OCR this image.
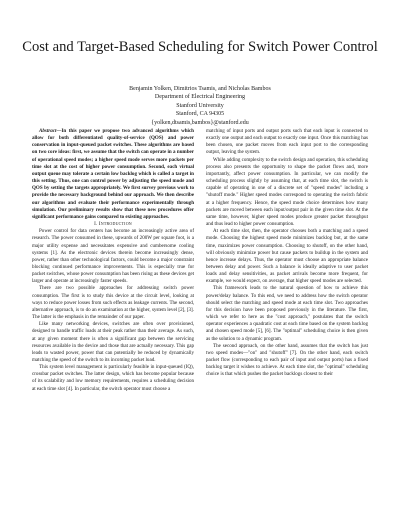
Cost and Target-Based Scheduling for Switch Power Control
Benjamin Yolken, Dimitrios Tsamis, and Nicholas Bambos
Department of Electrical Engineering
Stanford University
Stanford, CA 94305
{yolken,dtsamis,bambos}@stanford.edu

Abstract—In this paper we propose two advanced algorithms which allow for both differentiated quality-of-service (QOS) and power conservation in input-queued packet switches. These algorithms are based on two core ideas: first, we assume that the switch can operate in a number of operational speed modes; a higher speed mode serves more packets per time slot at the cost of higher power consumption. Second, each virtual output queue may tolerate a certain low backlog which is called a target in this setting. Thus, one can control power by adjusting the speed mode and QOS by setting the targets appropriately. We first survey previous work to provide the necessary background behind our approach. We then describe our algorithms and evaluate their performance experimentally through simulation. Our preliminary results show that these new procedures offer significant performance gains compared to existing approaches.

I. Introduction

Power control for data centers has become an increasingly active area of research. The power consumed in these, upwards of 200W per square foot, is a major utility expense and necessitates expensive and cumbersome cooling systems [1]. As the electronic devices therein become increasingly dense, power, rather than other technological factors, could become a major constraint blocking continued performance improvements. This is especially true for packet switches, whose power consumption has been rising as these devices get larger and operate at increasingly faster speeds.

There are two possible approaches for addressing switch power consumption. The first is to study this device at the circuit level, looking at ways to reduce power losses from such effects as leakage currents. The second, alternative approach, is to do an examination at the higher, system level [2], [3]. The latter is the emphasis in the remainder of our paper.

Like many networking devices, switches are often over provisioned, designed to handle traffic loads at their peak rather than their average. As such, at any given moment there is often a significant gap between the servicing resources available in the device and those that are actually necessary. This gap leads to wasted power, power that can potentially be reduced by dynamically matching the speed of the switch to its incoming packet load.

This system level management is particularly feasible in input-queued (IQ), crossbar packet switches. The latter design, which has become popular because of its scalability and low memory requirements, requires a scheduling decision at each time slot [4]. In particular, the switch operator must choose a

matching of input ports and output ports such that each input is connected to exactly one output and each output to exactly one input. Once this matching has been chosen, one packet moves from each input port to the corresponding output, leaving the system.

While adding complexity to the switch design and operation, this scheduling process also presents the opportunity to shape the packet flows and, more importantly, affect power consumption. In particular, we can modify the scheduling process slightly by assuming that, at each time slot, the switch is capable of operating in one of a discrete set of "speed modes" including a "shutoff mode." Higher speed modes correspond to operating the switch fabric at a higher frequency. Hence, the speed mode choice determines how many packets are moved between each input/output pair in the given time slot. At the same time, however, higher speed modes produce greater packet throughput and thus lead to higher power consumption.

At each time slot, then, the operator chooses both a matching and a speed mode. Choosing the highest speed mode minimizes backlog but, at the same time, maximizes power consumption. Choosing to shutoff, on the other hand, will obviously minimize power but cause packets to buildup in the system and hence increase delays. Thus, the operator must choose an appropriate balance between delay and power. Such a balance is ideally adaptive to user packet loads and delay sensitivities, as packet arrivals become more frequent, for example, we would expect, on average, that higher speed modes are selected.

This framework leads to the natural question of how to achieve this power/delay balance. To this end, we need to address how the switch operator should select the matching and speed mode at each time slot. Two approaches for this decision have been proposed previously in the literature. The first, which we refer to here as the "cost approach," postulates that the switch operator experiences a quadratic cost at each time based on the system backlog and chosen speed mode [5], [6]. The "optimal" scheduling choice is then given as the solution to a dynamic program.

The second approach, on the other hand, assumes that the switch has just two speed modes—"on" and "shutoff" [7]. On the other hand, each switch packet flow (corresponding to each pair of input and output ports) has a fixed backlog target it wishes to achieve. At each time slot, the "optimal" scheduling choice is that which pushes the packet backlogs closest to their
